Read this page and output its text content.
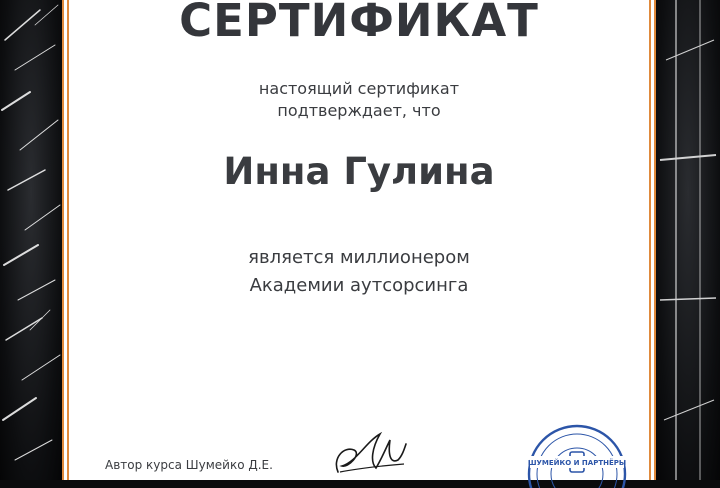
СЕРТИФИКАТ
настоящий сертификат
подтверждает, что
Инна Гулина
является миллионером
Академии аутсорсинга
Автор курса Шумейко Д.Е.	ШУМЕЙКО И ПАРТНЁРЫ
